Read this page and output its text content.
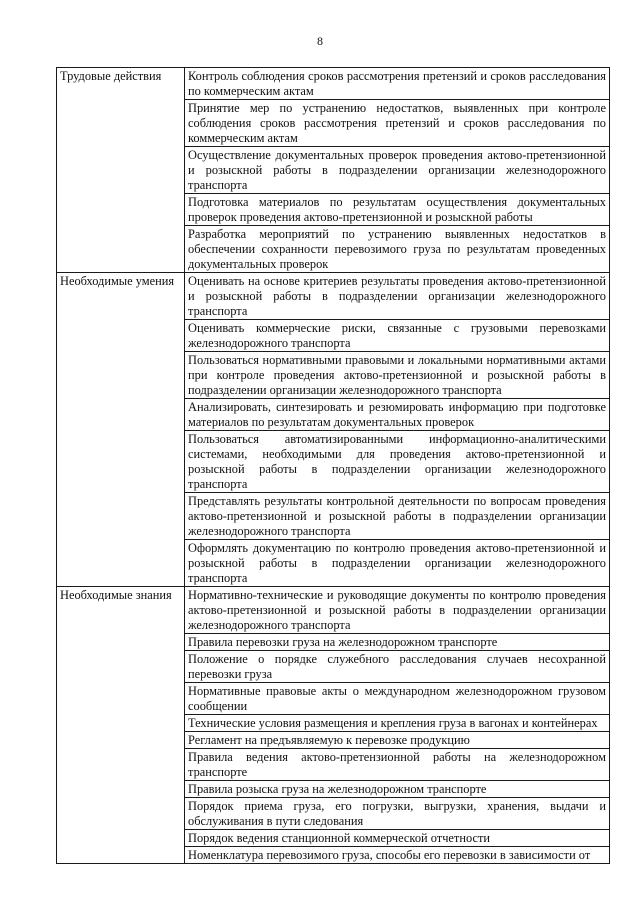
8
Трудовые действия	Контроль соблюдения сроков рассмотрения претензий и сроков расследования по коммерческим актам
	Принятие мер по устранению недостатков, выявленных при контроле соблюдения сроков рассмотрения претензий и сроков расследования по коммерческим актам
	Осуществление документальных проверок проведения актово-претензионной и розыскной работы в подразделении организации железнодорожного транспорта
	Подготовка материалов по результатам осуществления документальных проверок проведения актово-претензионной и розыскной работы
	Разработка мероприятий по устранению выявленных недостатков в обеспечении сохранности перевозимого груза по результатам проведенных документальных проверок
Необходимые умения	Оценивать на основе критериев результаты проведения актово-претензионной и розыскной работы в подразделении организации железнодорожного транспорта
	Оценивать коммерческие риски, связанные с грузовыми перевозками железнодорожного транспорта
	Пользоваться нормативными правовыми и локальными нормативными актами при контроле проведения актово-претензионной и розыскной работы в подразделении организации железнодорожного транспорта
	Анализировать, синтезировать и резюмировать информацию при подготовке материалов по результатам документальных проверок
	Пользоваться автоматизированными информационно-аналитическими системами, необходимыми для проведения актово-претензионной и розыскной работы в подразделении организации железнодорожного транспорта
	Представлять результаты контрольной деятельности по вопросам проведения актово-претензионной и розыскной работы в подразделении организации железнодорожного транспорта
	Оформлять документацию по контролю проведения актово-претензионной и розыскной работы в подразделении организации железнодорожного транспорта
Необходимые знания	Нормативно-технические и руководящие документы по контролю проведения актово-претензионной и розыскной работы в подразделении организации железнодорожного транспорта
	Правила перевозки груза на железнодорожном транспорте
	Положение о порядке служебного расследования случаев несохранной перевозки груза
	Нормативные правовые акты о международном железнодорожном грузовом сообщении
	Технические условия размещения и крепления груза в вагонах и контейнерах
	Регламент на предъявляемую к перевозке продукцию
	Правила ведения актово-претензионной работы на железнодорожном транспорте
	Правила розыска груза на железнодорожном транспорте
	Порядок приема груза, его погрузки, выгрузки, хранения, выдачи и обслуживания в пути следования
	Порядок ведения станционной коммерческой отчетности
	Номенклатура перевозимого груза, способы его перевозки в зависимости от
